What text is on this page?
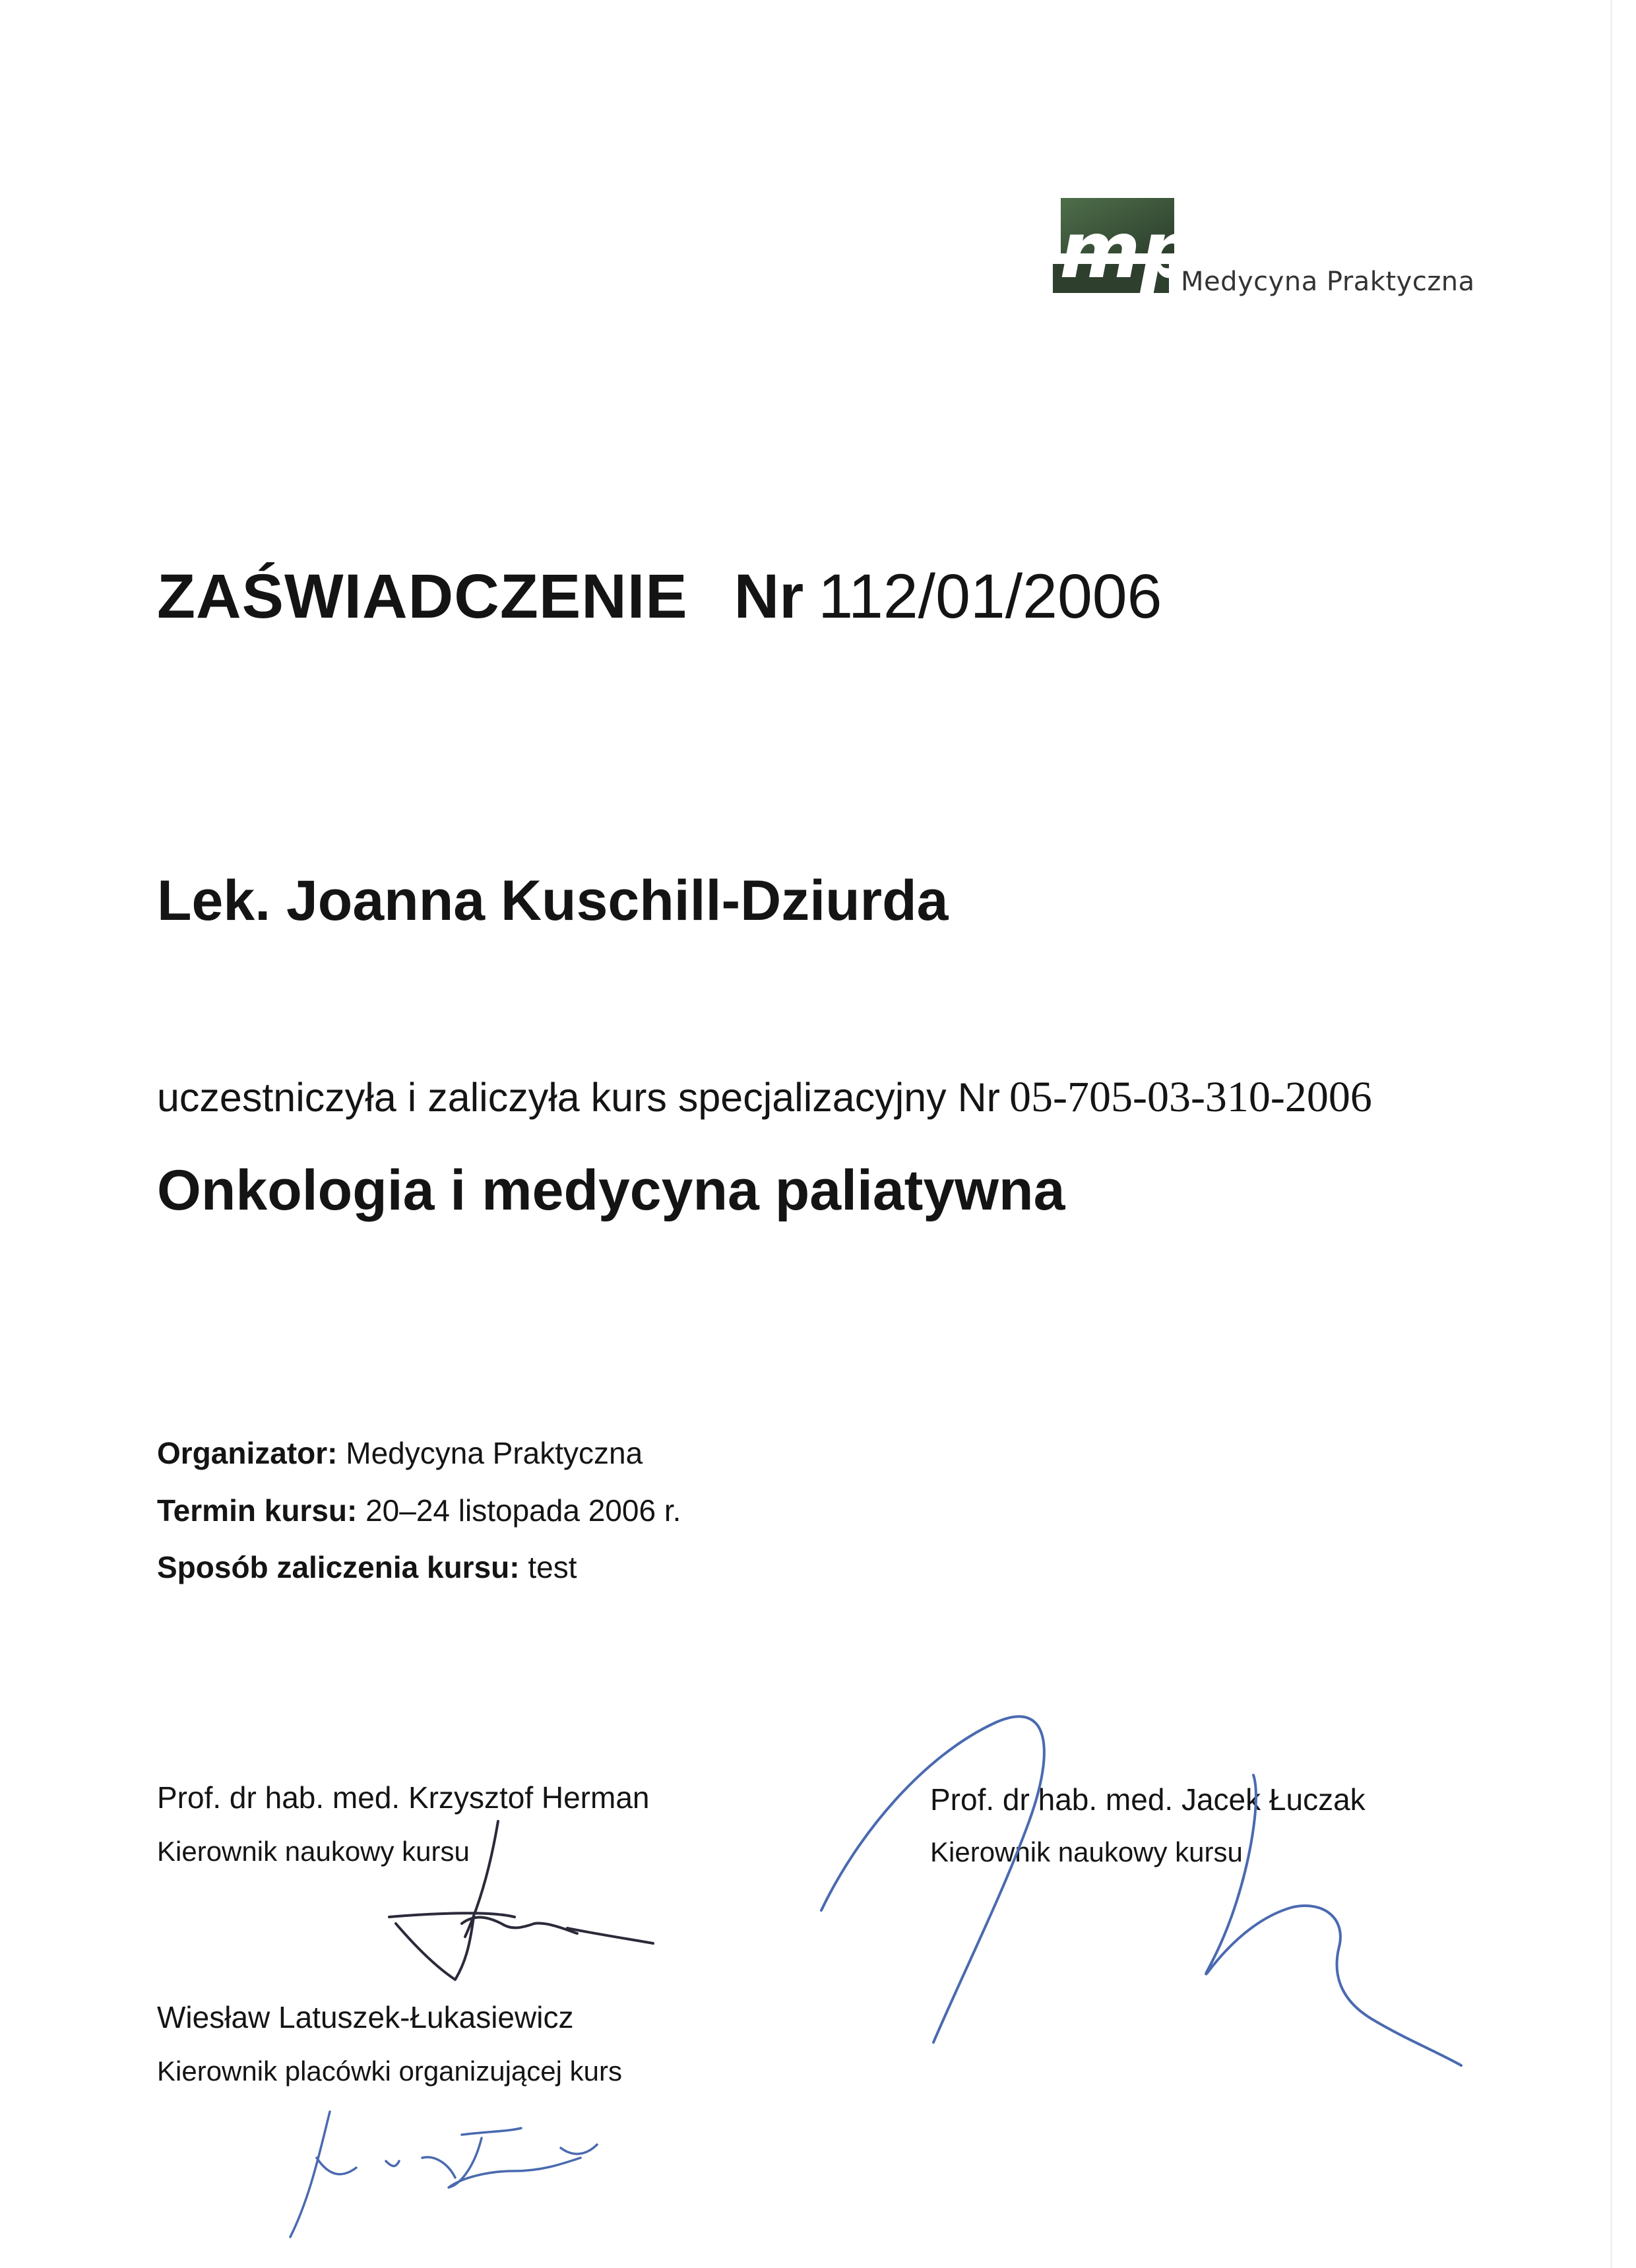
mp
Medycyna Praktyczna
ZAŚWIADCZENIE Nr 112/01/2006
Lek. Joanna Kuschill-Dziurda
uczestniczyła i zaliczyła kurs specjalizacyjny Nr 05-705-03-310-2006
Onkologia i medycyna paliatywna
Organizator: Medycyna Praktyczna
Termin kursu: 20–24 listopada 2006 r.
Sposób zaliczenia kursu: test
Prof. dr hab. med. Krzysztof Herman
Kierownik naukowy kursu
Prof. dr hab. med. Jacek Łuczak
Kierownik naukowy kursu
Wiesław Latuszek-Łukasiewicz
Kierownik placówki organizującej kurs
